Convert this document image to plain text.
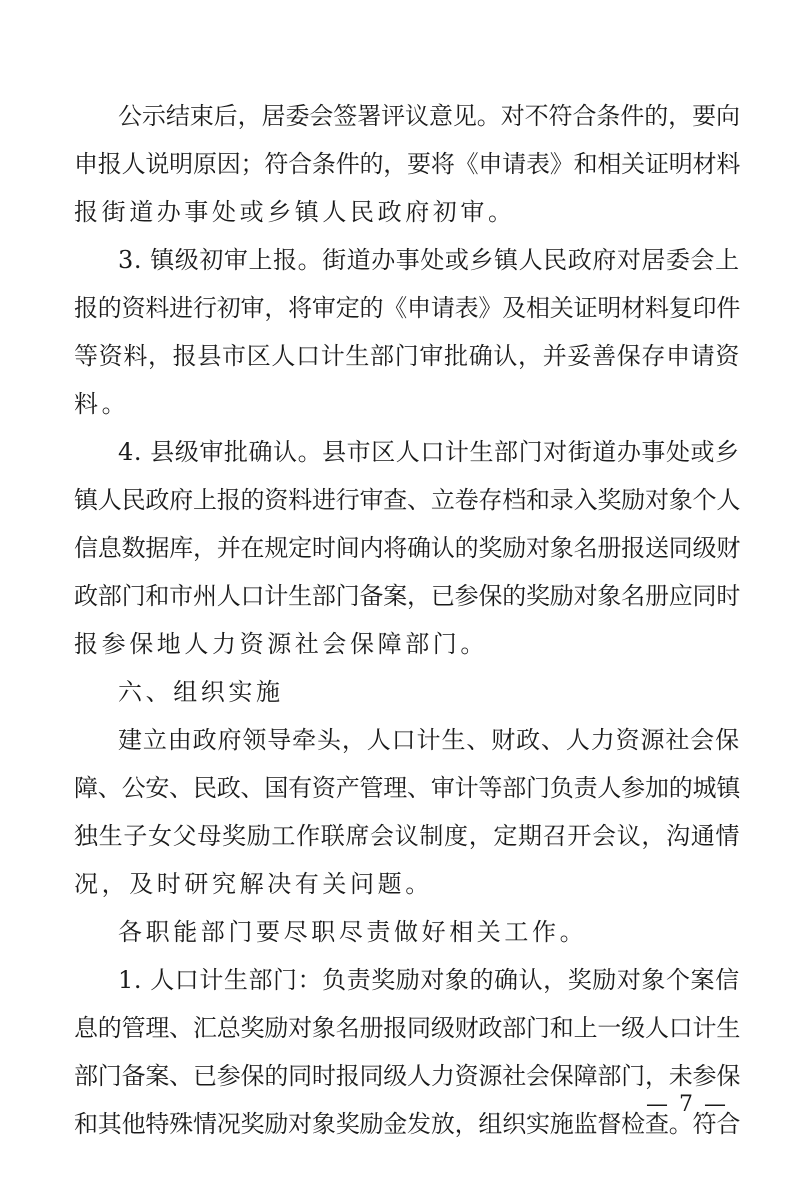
公示结束后，居委会签署评议意见。对不符合条件的，要向
申报人说明原因；符合条件的，要将《申请表》和相关证明材料
报街道办事处或乡镇人民政府初审。
3. 镇级初审上报。街道办事处或乡镇人民政府对居委会上
报的资料进行初审，将审定的《申请表》及相关证明材料复印件
等资料，报县市区人口计生部门审批确认，并妥善保存申请资
料。
4. 县级审批确认。县市区人口计生部门对街道办事处或乡
镇人民政府上报的资料进行审查、立卷存档和录入奖励对象个人
信息数据库，并在规定时间内将确认的奖励对象名册报送同级财
政部门和市州人口计生部门备案，已参保的奖励对象名册应同时
报参保地人力资源社会保障部门。
六、组织实施
建立由政府领导牵头，人口计生、财政、人力资源社会保
障、公安、民政、国有资产管理、审计等部门负责人参加的城镇
独生子女父母奖励工作联席会议制度，定期召开会议，沟通情
况，及时研究解决有关问题。
各职能部门要尽职尽责做好相关工作。
1. 人口计生部门：负责奖励对象的确认，奖励对象个案信
息的管理、汇总奖励对象名册报同级财政部门和上一级人口计生
部门备案、已参保的同时报同级人力资源社会保障部门，未参保
和其他特殊情况奖励对象奖励金发放，组织实施监督检查。符合
— 7 —
